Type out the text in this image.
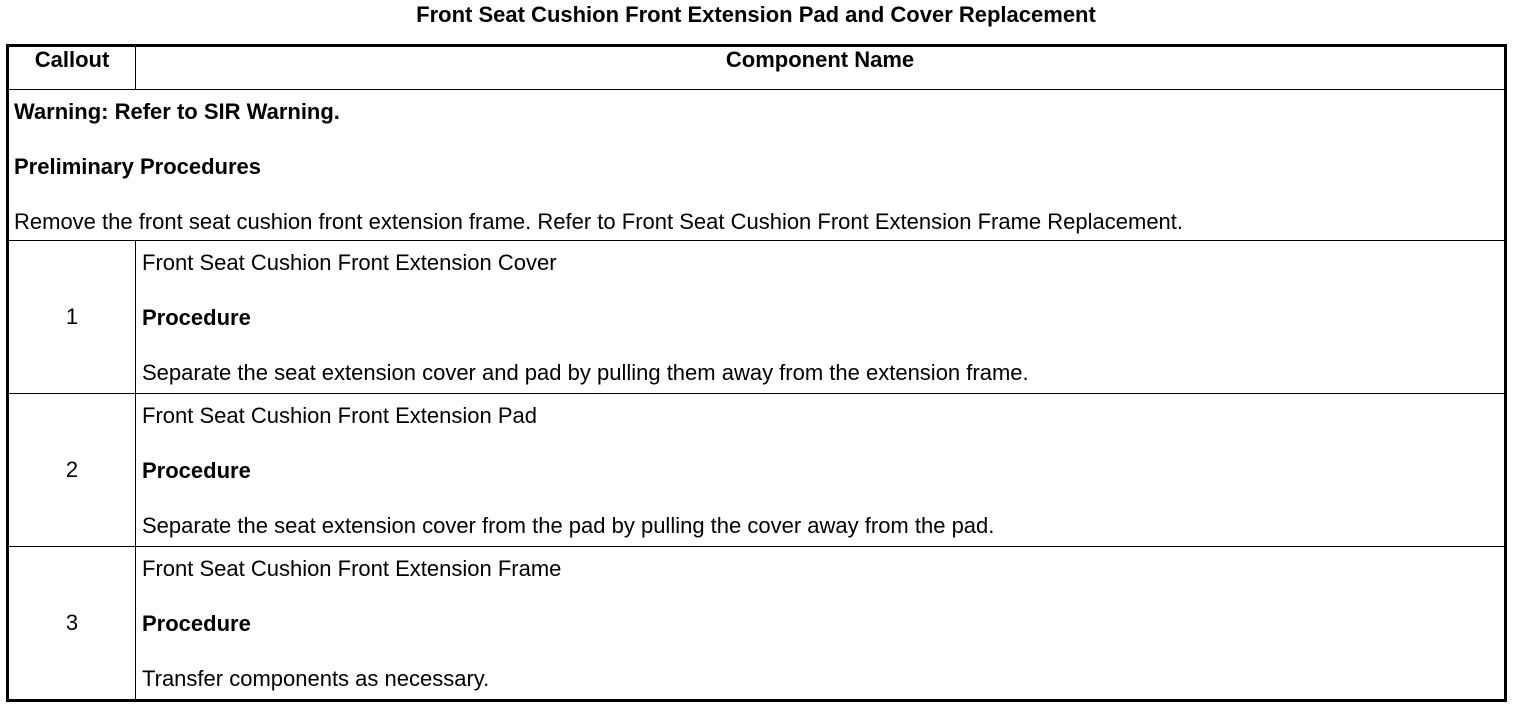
Front Seat Cushion Front Extension Pad and Cover Replacement
Callout	Component Name

Warning: Refer to SIR Warning.
Preliminary Procedures
Remove the front seat cushion front extension frame. Refer to Front Seat Cushion Front Extension Frame Replacement.	

1	Front Seat Cushion Front Extension Cover
Procedure
Separate the seat extension cover and pad by pulling them away from the extension frame.

2	Front Seat Cushion Front Extension Pad
Procedure
Separate the seat extension cover from the pad by pulling the cover away from the pad.

3	Front Seat Cushion Front Extension Frame
Procedure
Transfer components as necessary.
